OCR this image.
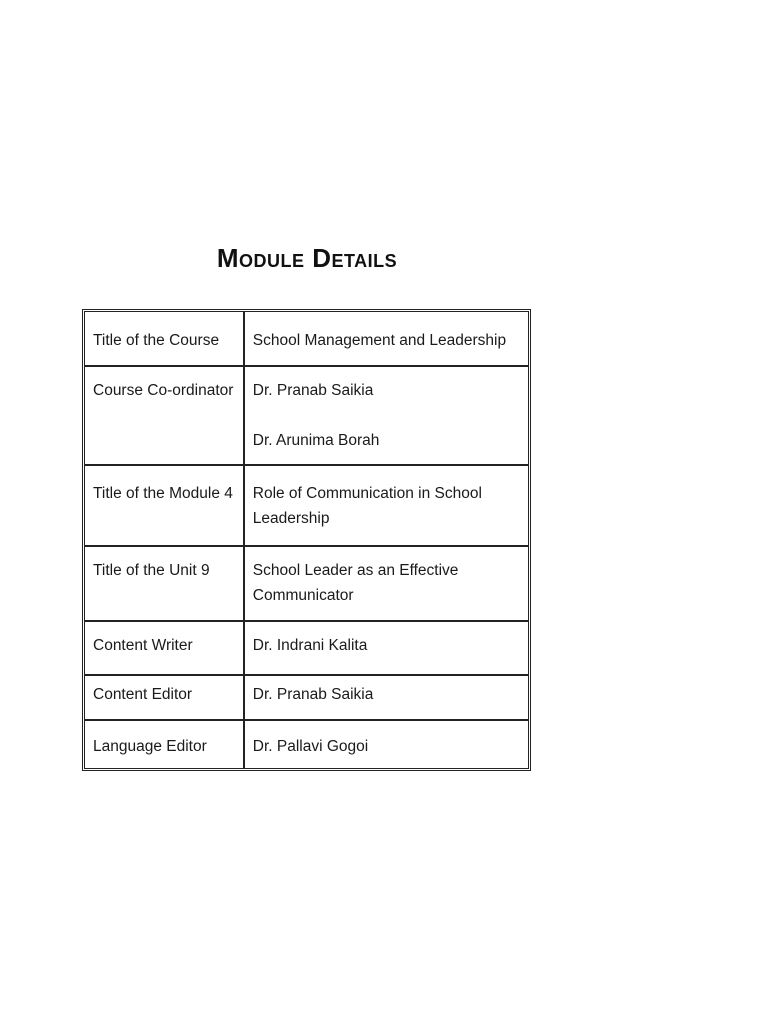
Module Details
Title of the Course	School Management and Leadership

Course Co-ordinator	Dr. Pranab Saikia
Dr. Arunima Borah

Title of the Module 4	Role of Communication in School Leadership

Title of the Unit 9	School Leader as an Effective Communicator

Content Writer	Dr. Indrani Kalita

Content Editor	Dr. Pranab Saikia

Language Editor	Dr. Pallavi Gogoi
